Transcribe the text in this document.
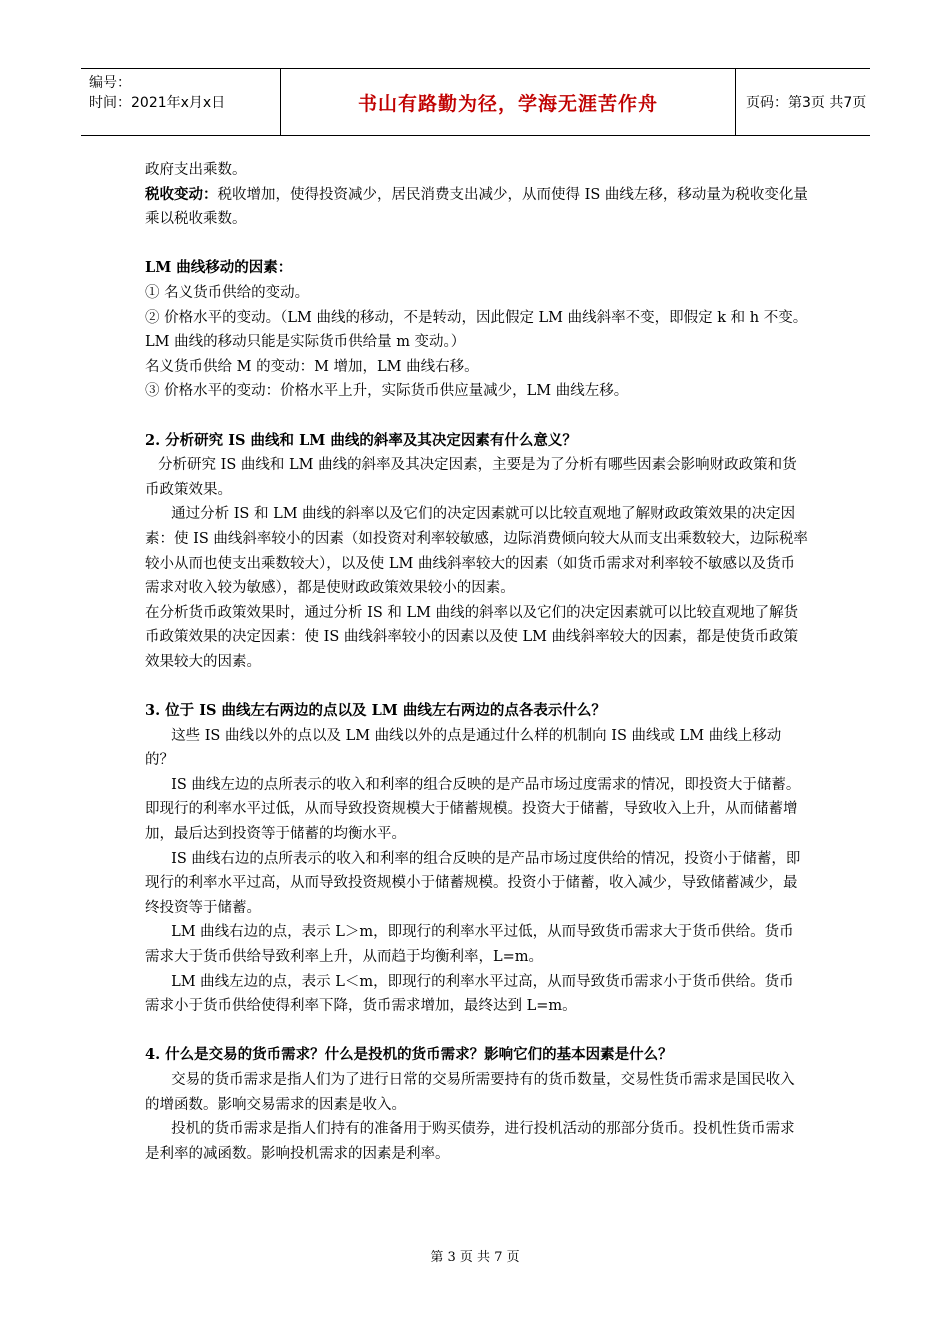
编号：
时间：2021年x月x日	书山有路勤为径，学海无涯苦作舟	页码：第3页 共7页

政府支出乘数。

税收变动：税收增加，使得投资减少，居民消费支出减少，从而使得 IS 曲线左移，移动量为税收变化量乘以税收乘数。

LM 曲线移动的因素：

① 名义货币供给的变动。

② 价格水平的变动。（LM 曲线的移动，不是转动，因此假定 LM 曲线斜率不变，即假定 k 和 h 不变。LM 曲线的移动只能是实际货币供给量 m 变动。）

名义货币供给 M 的变动：M 增加，LM 曲线右移。

③ 价格水平的变动：价格水平上升，实际货币供应量减少，LM 曲线左移。

2. 分析研究 IS 曲线和 LM 曲线的斜率及其决定因素有什么意义？

分析研究 IS 曲线和 LM 曲线的斜率及其决定因素，主要是为了分析有哪些因素会影响财政政策和货币政策效果。

通过分析 IS 和 LM 曲线的斜率以及它们的决定因素就可以比较直观地了解财政政策效果的决定因素：使 IS 曲线斜率较小的因素（如投资对利率较敏感，边际消费倾向较大从而支出乘数较大，边际税率较小从而也使支出乘数较大），以及使 LM 曲线斜率较大的因素（如货币需求对利率较不敏感以及货币需求对收入较为敏感），都是使财政政策效果较小的因素。

在分析货币政策效果时，通过分析 IS 和 LM 曲线的斜率以及它们的决定因素就可以比较直观地了解货币政策效果的决定因素：使 IS 曲线斜率较小的因素以及使 LM 曲线斜率较大的因素，都是使货币政策效果较大的因素。

3. 位于 IS 曲线左右两边的点以及 LM 曲线左右两边的点各表示什么？

这些 IS 曲线以外的点以及 LM 曲线以外的点是通过什么样的机制向 IS 曲线或 LM 曲线上移动的？

IS 曲线左边的点所表示的收入和利率的组合反映的是产品市场过度需求的情况，即投资大于储蓄。即现行的利率水平过低，从而导致投资规模大于储蓄规模。投资大于储蓄，导致收入上升，从而储蓄增加，最后达到投资等于储蓄的均衡水平。

IS 曲线右边的点所表示的收入和利率的组合反映的是产品市场过度供给的情况，投资小于储蓄，即现行的利率水平过高，从而导致投资规模小于储蓄规模。投资小于储蓄，收入减少，导致储蓄减少，最终投资等于储蓄。

LM 曲线右边的点，表示 L＞m，即现行的利率水平过低，从而导致货币需求大于货币供给。货币需求大于货币供给导致利率上升，从而趋于均衡利率，L=m。

LM 曲线左边的点，表示 L＜m，即现行的利率水平过高，从而导致货币需求小于货币供给。货币需求小于货币供给使得利率下降，货币需求增加，最终达到 L=m。

4. 什么是交易的货币需求？什么是投机的货币需求？影响它们的基本因素是什么？

交易的货币需求是指人们为了进行日常的交易所需要持有的货币数量，交易性货币需求是国民收入的增函数。影响交易需求的因素是收入。

投机的货币需求是指人们持有的准备用于购买债券，进行投机活动的那部分货币。投机性货币需求是利率的减函数。影响投机需求的因素是利率。

第 3 页 共 7 页
